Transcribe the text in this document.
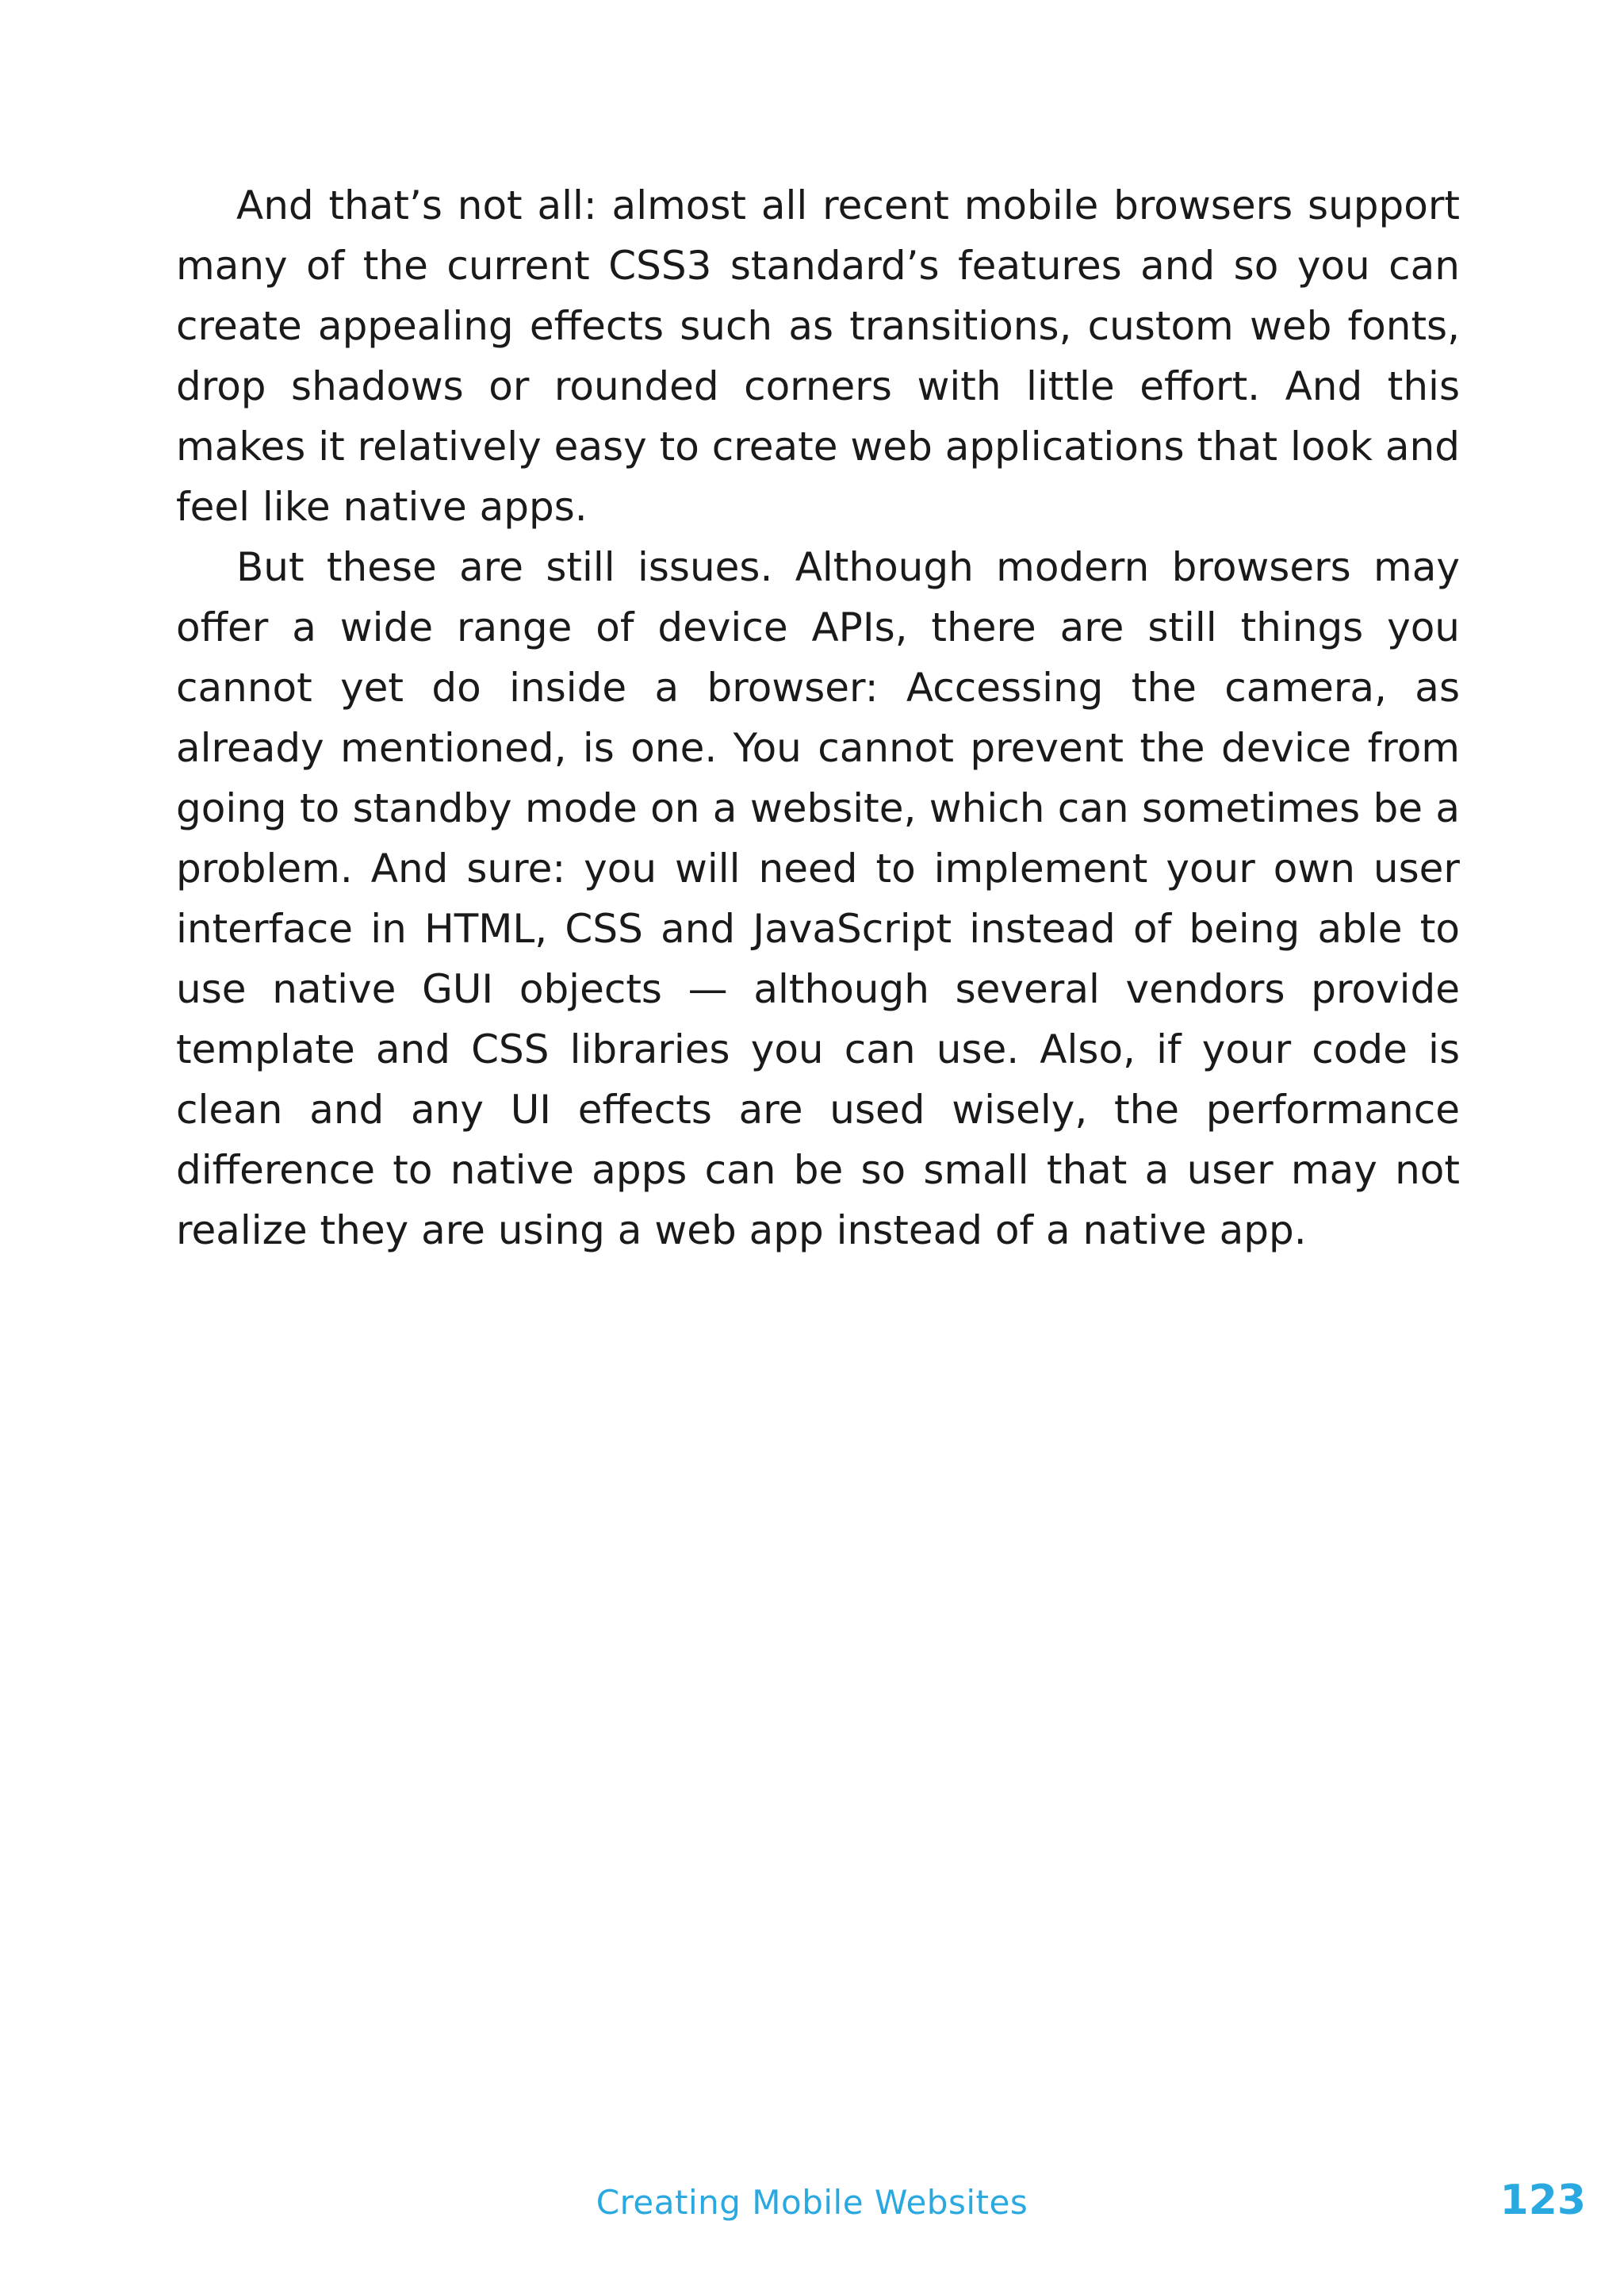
And that’s not all: almost all recent mobile browsers support many of the current CSS3 standard’s features and so you can create appealing effects such as transitions, custom web fonts, drop shadows or rounded corners with little effort. And this makes it relatively easy to create web applications that look and feel like native apps.

But these are still issues. Although modern browsers may offer a wide range of device APIs, there are still things you cannot yet do inside a browser: Accessing the camera, as already mentioned, is one. You cannot prevent the device from going to standby mode on a website, which can sometimes be a problem. And sure: you will need to implement your own user interface in HTML, CSS and JavaScript instead of being able to use native GUI objects — although several vendors provide template and CSS libraries you can use. Also, if your code is clean and any UI effects are used wisely, the performance difference to native apps can be so small that a user may not realize they are using a web app instead of a native app.

Creating Mobile Websites	123
